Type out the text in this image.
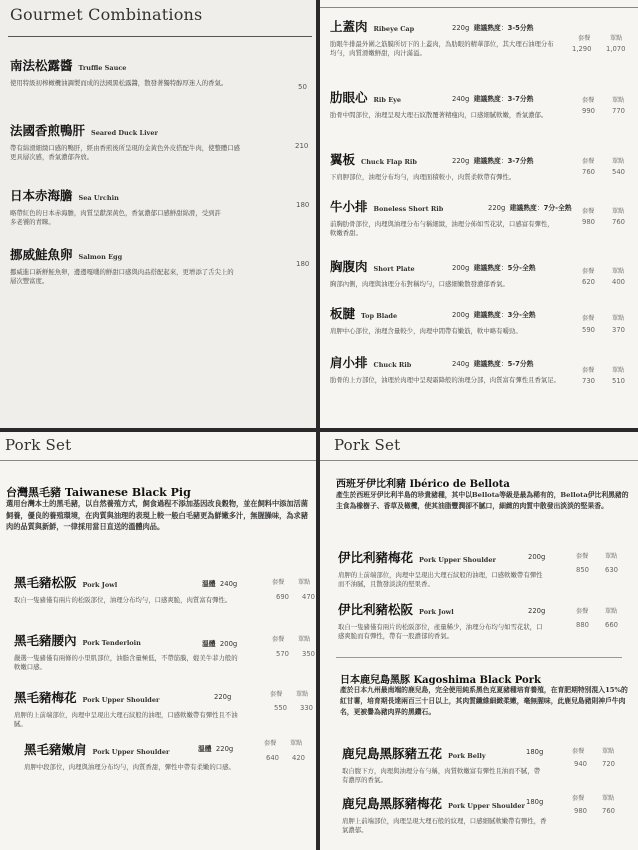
Gourmet Combinations
南法松露醬 Truffle Sauce
使用特級初榨橄欖油調製而成的法國黑松露醬，散發著獨特醇厚迷人的香氣。	50
法國香煎鴨肝 Seared Duck Liver
帶有綿滑細緻口感的鴨肝，經由香煎後所呈現的金黃色外皮搭配牛肉，使整體口感更具層次感，香氣濃郁奔放。
210
日本赤海膽 Sea Urchin
略帶紅色的日本赤海膽，肉質呈獻深黃色，香氣濃郁口感鮮甜綿滑，受到許多老饕的青睞。
180
挪威鮭魚卵 Salmon Egg
挪威進口新鮮鮭魚卵，邊邊嘎嘰的鮮甜口感與肉品搭配起來，更增添了舌尖上的層次豐富度。
180
上蓋肉 Ribeye Cap
肋眼牛排最外圍之筋膜所切下的上蓋肉，為肋眼的精華部位，其大理石油理分布均勻，肉質滑嫩鮮甜，肉汁滿溢。
220g 建議熟度：3-5分熟
套餐	單點
1,290 1,070
肋眼心 Rib Eye
肋骨中間部位，油理呈現大理石紋散覆著精瘦肉，口感細膩軟嫩，香氣濃郁。
240g 建議熟度：3-7分熟	套餐	單點
990	770
翼板 Chuck Flap Rib
下肩胛部位，油理分布均勻，肉理面積較小，肉質柔軟帶有彈性。
220g 建議熟度：3-7分熟	套餐	單點
760	540
牛小排 Boneless Short Rib
前胸肋骨部位，肉理與油理分布勻稱細緻，油理分佈如雪花狀，口感富有彈性，軟嫩香甜。
220g 建議熟度：7分-全熟 套餐	單點
980	760
胸腹肉 Short Plate
胸部內側，肉理與油理分布對稱均勻，口感細嫩散發濃郁香氣。
200g 建議熟度：5分-全熟	套餐	單點
620	400
板腱 Top Blade
肩胛中心部位，油理含量較少，肉理中間帶有嫩筋，軟中略有嚼勁。
200g 建議熟度：3分-全熟	套餐	單點
590	370
肩小排 Chuck Rib
肋骨的上方部位，油理於肉理中呈現霜降般的油理分部，肉質富有彈性且香氣足。
240g 建議熟度：5-7分熟
套餐	單點
730	510
Pork Set
台灣黑毛豬 Taiwanese Black Pig
選用台灣本土的黑毛豬，以自然養殖方式，飼食過程不添加基因改良穀物，並在飼料中添加活菌飼養，優良的養殖環境，在肉質與油理的表現上較一般白毛豬更為鮮嫩多汁，無腥臊味，為求豬肉的品質與新鮮，一律採用當日直送的溫體肉品。
黑毛豬松阪 Pork Jowl
取自一隻豬僅有兩片的松阪部位，油理分布均勻，口感爽脆，肉質富有彈性。
溫體 240g	套餐 單點
690 470
黑毛豬腰內 Pork Tenderloin
嚴選一隻豬僅有兩條的小里肌部位，油脂含量極低，不帶筋膜，媲美牛菲力般的軟嫩口感。
溫體 200g
套餐 單點
570 350
黑毛豬梅花 Pork Upper Shoulder
肩胛的上前端部位，肉理中呈現出大理石紋般的油理，口感軟嫩帶有彈性且不油膩。
220g	套餐 單點
550 330
黑毛豬嫩肩 Pork Upper Shoulder
肩胛中段部位，肉理與油理分布均勻，肉質香甜，彈性中帶有柔嫩的口感。
溫體 220g
套餐 單點
640 420
Pork Set
西班牙伊比利豬 Ibérico de Bellota
產生於西班牙伊比利半島的珍貴豬種，其中以Bellota等級是最為稀有的，Bellota伊比利黑豬的主食為橡樹子、香草及橄欖，使其油脂豐潤卻不膩口，細緻的肉質中散發出淡淡的堅果香。
伊比利豬梅花 Pork Upper Shoulder
肩胛的上前端部位，肉理中呈現出大理石紋般的油理，口感軟嫩帶有彈性而不油膩，且散發淡淡的堅果香。
200g	套餐	單點
850 630
伊比利豬松阪 Pork Jowl
取自一隻豬僅有兩片的松阪部位，產量稀少，油理分布均勻如雪花狀，口感爽脆而有彈性，帶有一股濃郁的香氣。
220g	套餐	單點
880 660
日本鹿兒島黑豚 Kagoshima Black Pork
產於日本九州最南端的鹿兒島，完全使用純系黑色克夏豬種培育養殖，在育肥期特別混入15%的紅甘薯，培育期長達兩百三十日以上，其肉質纖維細緻柔嫩，毫無腥味，此鹿兒島豬則神戶牛肉名，更被譽為豬肉界的黑鑽石。
鹿兒島黑豚豬五花 Pork Belly
取自腹下方，肉理與油理分布勻稱，肉質軟嫩富有彈性且油而不膩，帶有濃厚的香氣。
180g	套餐	單點
940 720
鹿兒島黑豚豬梅花 Pork Upper Shoulder
肩胛上前端部位，肉理呈現大理石般的紋理，口感細膩軟嫩帶有彈性，香氣濃郁。
180g	套餐	單點
980 760
